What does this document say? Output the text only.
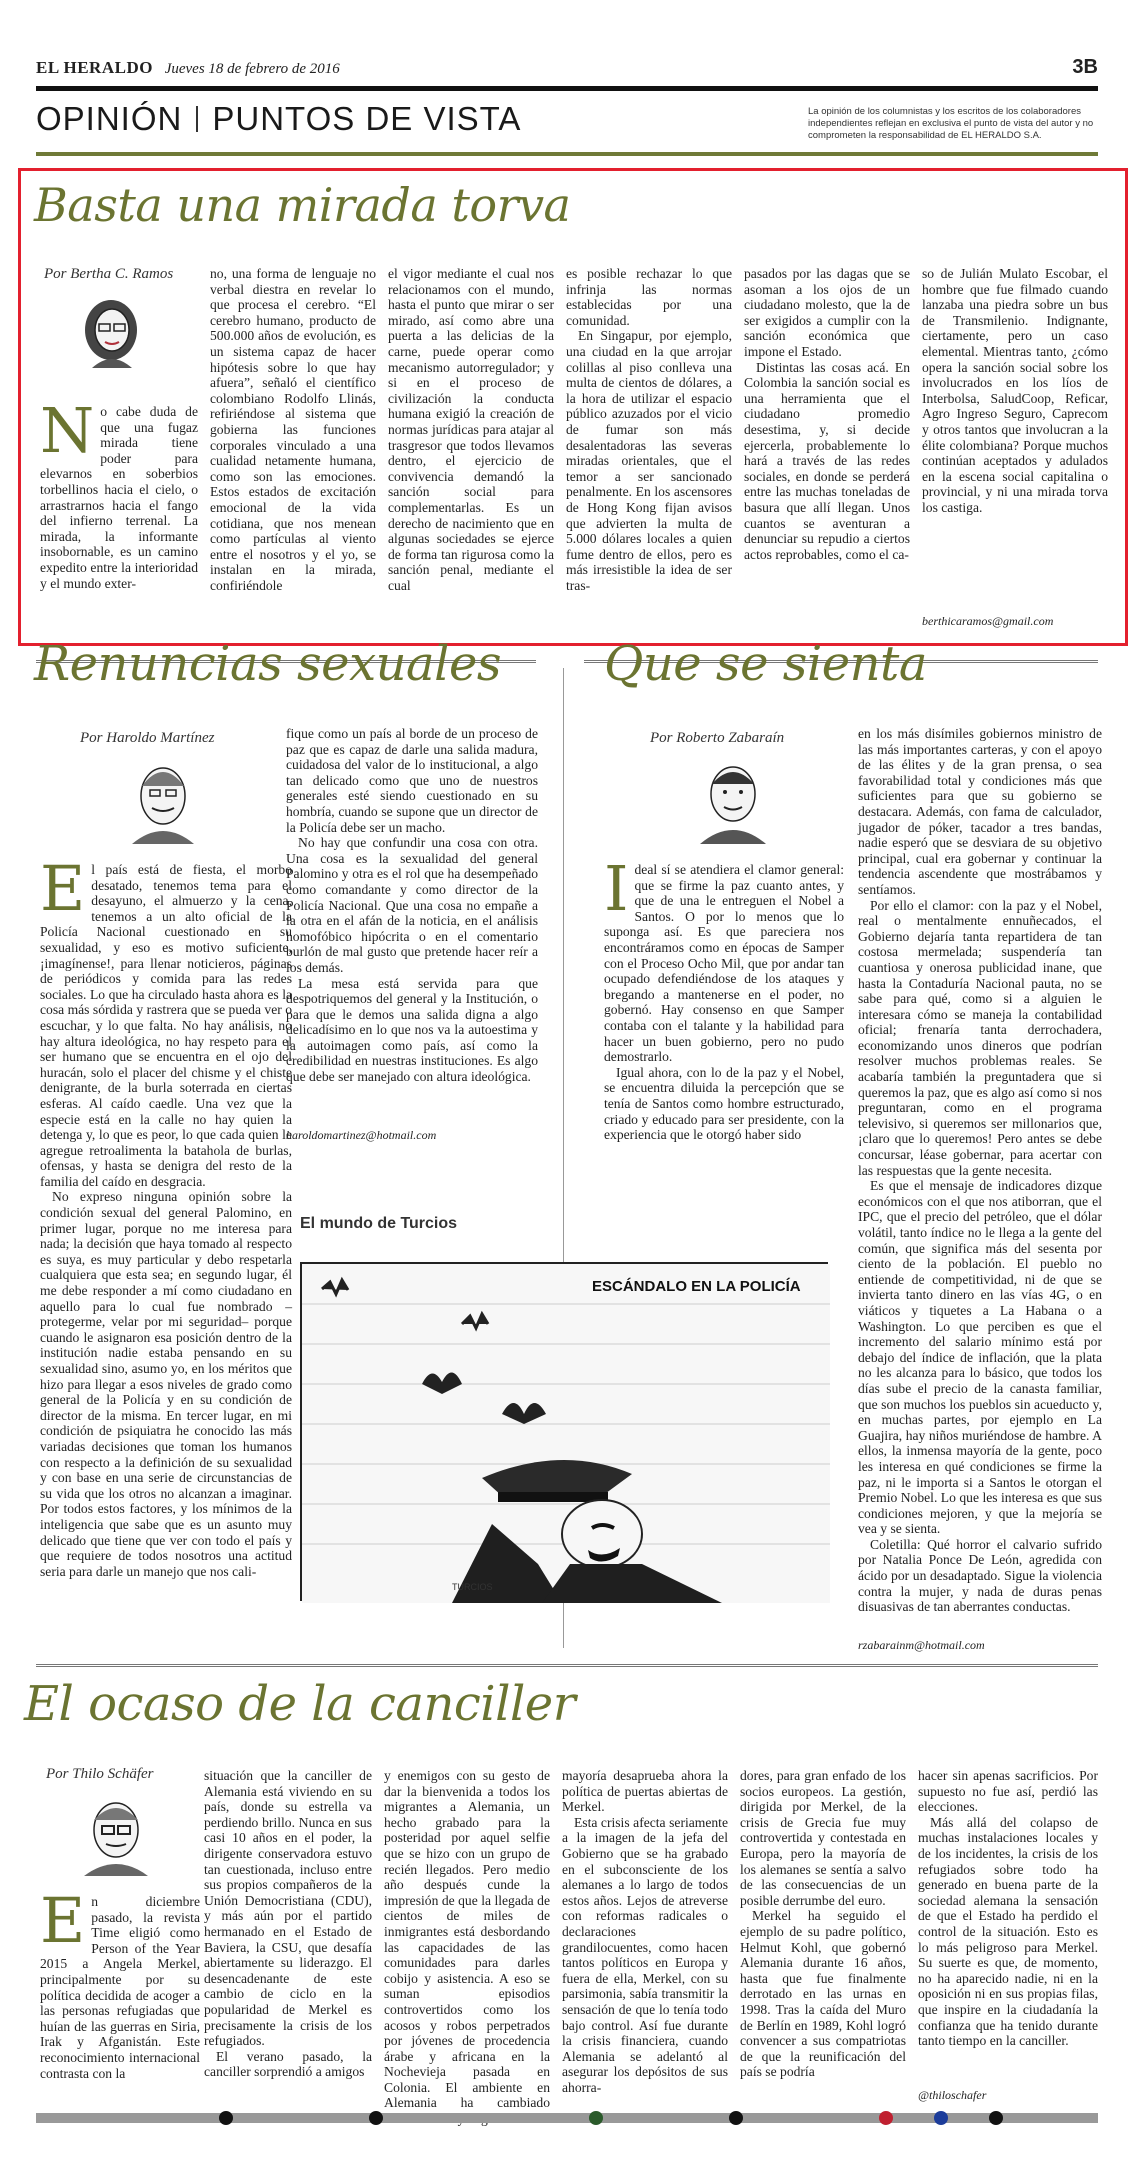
EL HERALDO Jueves 18 de febrero de 2016	3B
OPINIÓN PUNTOS DE VISTA	La opinión de los columnistas y los escritos de los colaboradores independientes reflejan en exclusiva el punto de vista del autor y no comprometen la responsabilidad de EL HERALDO S.A.
Basta una mirada torva
Por Bertha C. Ramos
No cabe duda de que una fugaz mirada tiene poder para elevarnos en soberbios torbellinos hacia el cielo, o arrastrarnos hacia el fango del infierno terrenal. La mirada, la informante insobornable, es un camino expedito entre la interioridad y el mundo exter-
no, una forma de lenguaje no verbal diestra en revelar lo que procesa el cerebro. “El cerebro humano, producto de 500.000 años de evolución, es un sistema capaz de hacer hipótesis sobre lo que hay afuera”, señaló el científico colombiano Rodolfo Llinás, refiriéndose al sistema que gobierna las funciones corporales vinculado a una cualidad netamente humana, como son las emociones. Estos estados de excitación emocional de la vida cotidiana, que nos menean como partículas al viento entre el nosotros y el yo, se instalan en la mirada, confiriéndole
el vigor mediante el cual nos relacionamos con el mundo, hasta el punto que mirar o ser mirado, así como abre una puerta a las delicias de la carne, puede operar como mecanismo autorregulador; y si en el proceso de civilización la conducta humana exigió la creación de normas jurídicas para atajar al trasgresor que todos llevamos dentro, el ejercicio de convivencia demandó la sanción social para complementarlas. Es un derecho de nacimiento que en algunas sociedades se ejerce de forma tan rigurosa como la sanción penal, mediante el cual

es posible rechazar lo que infrinja las normas establecidas por una comunidad.

En Singapur, por ejemplo, una ciudad en la que arrojar colillas al piso conlleva una multa de cientos de dólares, a la hora de utilizar el espacio público azuzados por el vicio de fumar son más desalentadoras las severas miradas orientales, que el temor a ser sancionado penalmente. En los ascensores de Hong Kong fijan avisos que advierten la multa de 5.000 dólares locales a quien fume dentro de ellos, pero es más irresistible la idea de ser tras-

pasados por las dagas que se asoman a los ojos de un ciudadano molesto, que la de ser exigidos a cumplir con la sanción económica que impone el Estado.

Distintas las cosas acá. En Colombia la sanción social es una herramienta que el ciudadano promedio desestima, y, si decide ejercerla, probablemente lo hará a través de las redes sociales, en donde se perderá entre las muchas toneladas de basura que allí llegan. Unos cuantos se aventuran a denunciar su repudio a ciertos actos reprobables, como el ca-

so de Julián Mulato Escobar, el hombre que fue filmado cuando lanzaba una piedra sobre un bus de Transmilenio. Indignante, ciertamente, pero un caso elemental. Mientras tanto, ¿cómo opera la sanción social sobre los involucrados en los líos de Interbolsa, SaludCoop, Reficar, Agro Ingreso Seguro, Caprecom y otros tantos que involucran a la élite colombiana? Porque muchos continúan aceptados y adulados en la escena social capitalina o provincial, y ni una mirada torva los castiga.
berthicaramos@gmail.com
Renuncias sexuales
Por Haroldo Martínez
El país está de fiesta, el morbo desatado, tenemos tema para el desayuno, el almuerzo y la cena, tenemos a un alto oficial de la Policía Nacional cuestionado en su sexualidad, y eso es motivo suficiente, ¡imagínense!, para llenar noticieros, páginas de periódicos y comida para las redes sociales. Lo que ha circulado hasta ahora es la cosa más sórdida y rastrera que se pueda ver o escuchar, y lo que falta. No hay análisis, no hay altura ideológica, no hay respeto para el ser humano que se encuentra en el ojo del huracán, solo el placer del chisme y el chiste denigrante, de la burla soterrada en ciertas esferas. Al caído caedle. Una vez que la especie está en la calle no hay quien la detenga y, lo que es peor, lo que cada quien le agregue retroalimenta la batahola de burlas, ofensas, y hasta se denigra del resto de la familia del caído en desgracia.

No expreso ninguna opinión sobre la condición sexual del general Palomino, en primer lugar, porque no me interesa para nada; la decisión que haya tomado al respecto es suya, es muy particular y debo respetarla cualquiera que esta sea; en segundo lugar, él me debe responder a mí como ciudadano en aquello para lo cual fue nombrado –protegerme, velar por mi seguridad– porque cuando le asignaron esa posición dentro de la institución nadie estaba pensando en su sexualidad sino, asumo yo, en los méritos que hizo para llegar a esos niveles de grado como general de la Policía y en su condición de director de la misma. En tercer lugar, en mi condición de psiquiatra he conocido las más variadas decisiones que toman los humanos con respecto a la definición de su sexualidad y con base en una serie de circunstancias de su vida que los otros no alcanzan a imaginar. Por todos estos factores, y los mínimos de la inteligencia que sabe que es un asunto muy delicado que tiene que ver con todo el país y que requiere de todos nosotros una actitud seria para darle un manejo que nos cali-

fique como un país al borde de un proceso de paz que es capaz de darle una salida madura, cuidadosa del valor de lo institucional, a algo tan delicado como que uno de nuestros generales esté siendo cuestionado en su hombría, cuando se supone que un director de la Policía debe ser un macho.

No hay que confundir una cosa con otra. Una cosa es la sexualidad del general Palomino y otra es el rol que ha desempeñado como comandante y como director de la Policía Nacional. Que una cosa no empañe a la otra en el afán de la noticia, en el análisis homofóbico hipócrita o en el comentario burlón de mal gusto que pretende hacer reír a los demás.

La mesa está servida para que despotriquemos del general y la Institución, o para que le demos una salida digna a algo delicadísimo en lo que nos va la autoestima y la autoimagen como país, así como la credibilidad en nuestras instituciones. Es algo que debe ser manejado con altura ideológica.

haroldomartinez@hotmail.com
Que se sienta
Por Roberto Zabaraín
Ideal sí se atendiera el clamor general: que se firme la paz cuanto antes, y que de una le entreguen el Nobel a Santos. O por lo menos que lo suponga así. Es que pareciera nos encontráramos como en épocas de Samper con el Proceso Ocho Mil, que por andar tan ocupado defendiéndose de los ataques y bregando a mantenerse en el poder, no gobernó. Hay consenso en que Samper contaba con el talante y la habilidad para hacer un buen gobierno, pero no pudo demostrarlo.

Igual ahora, con lo de la paz y el Nobel, se encuentra diluida la percepción que se tenía de Santos como hombre estructurado, criado y educado para ser presidente, con la experiencia que le otorgó haber sido

en los más disímiles gobiernos ministro de las más importantes carteras, y con el apoyo de las élites y de la gran prensa, o sea favorabilidad total y condiciones más que suficientes para que su gobierno se destacara. Además, con fama de calculador, jugador de póker, tacador a tres bandas, nadie esperó que se desviara de su objetivo principal, cual era gobernar y continuar la tendencia ascendente que mostrábamos y sentíamos.

Por ello el clamor: con la paz y el Nobel, real o mentalmente ennuñecados, el Gobierno dejaría tanta repartidera de tan costosa mermelada; suspendería tan cuantiosa y onerosa publicidad inane, que hasta la Contaduría Nacional pauta, no se sabe para qué, como si a alguien le interesara cómo se maneja la contabilidad oficial; frenaría tanta derrochadera, economizando unos dineros que podrían resolver muchos problemas reales. Se acabaría también la preguntadera que si queremos la paz, que es algo así como si nos preguntaran, como en el programa televisivo, si queremos ser millonarios que, ¡claro que lo queremos! Pero antes se debe concursar, léase gobernar, para acertar con las respuestas que la gente necesita.

Es que el mensaje de indicadores dizque económicos con el que nos atiborran, que el IPC, que el precio del petróleo, que el dólar volátil, tanto índice no le llega a la gente del común, que significa más del sesenta por ciento de la población. El pueblo no entiende de competitividad, ni de que se invierta tanto dinero en las vías 4G, o en viáticos y tiquetes a La Habana o a Washington. Lo que perciben es que el incremento del salario mínimo está por debajo del índice de inflación, que la plata no les alcanza para lo básico, que todos los días sube el precio de la canasta familiar, que son muchos los pueblos sin acueducto y, en muchas partes, por ejemplo en La Guajira, hay niños muriéndose de hambre. A ellos, la inmensa mayoría de la gente, poco les interesa en qué condiciones se firme la paz, ni le importa si a Santos le otorgan el Premio Nobel. Lo que les interesa es que sus condiciones mejoren, y que la mejoría se vea y se sienta.

Coletilla: Qué horror el calvario sufrido por Natalia Ponce De León, agredida con ácido por un desadaptado. Sigue la violencia contra la mujer, y nada de duras penas disuasivas de tan aberrantes conductas.

rzabarainm@hotmail.com
El mundo de Turcios
ESCÁNDALO EN LA POLICÍA
TURCIOS
El ocaso de la canciller
Por Thilo Schäfer
En diciembre pasado, la revista Time eligió como Person of the Year 2015 a Angela Merkel, principalmente por su política decidida de acoger a las personas refugiadas que huían de las guerras en Siria, Irak y Afganistán. Este reconocimiento internacional contrasta con la

situación que la canciller de Alemania está viviendo en su país, donde su estrella va perdiendo brillo. Nunca en sus casi 10 años en el poder, la dirigente conservadora estuvo tan cuestionada, incluso entre sus propios compañeros de la Unión Democristiana (CDU), y más aún por el partido hermanado en el Estado de Baviera, la CSU, que desafía abiertamente su liderazgo. El desencadenante de este cambio de ciclo en la popularidad de Merkel es precisamente la crisis de los refugiados.

El verano pasado, la canciller sorprendió a amigos

y enemigos con su gesto de dar la bienvenida a todos los migrantes a Alemania, un hecho grabado para la posteridad por aquel selfie que se hizo con un grupo de recién llegados. Pero medio año después cunde la impresión de que la llegada de cientos de miles de inmigrantes está desbordando las capacidades de las comunidades para darles cobijo y asistencia. A eso se suman episodios controvertidos como los acosos y robos perpetrados por jóvenes de procedencia árabe y africana en la Nochevieja pasada en Colonia. El ambiente en Alemania ha cambiado

mayoría desaprueba ahora la política de puertas abiertas de Merkel.

Esta crisis afecta seriamente a la imagen de la jefa del Gobierno que se ha grabado en el subconsciente de los alemanes a lo largo de todos estos años. Lejos de atreverse con reformas radicales o declaraciones grandilocuentes, como hacen tantos políticos en Europa y fuera de ella, Merkel, con su parsimonia, sabía transmitir la sensación de que lo tenía todo bajo control. Así fue durante la crisis financiera, cuando Alemania se adelantó al asegurar los depósitos de sus ahorra-

dores, para gran enfado de los socios europeos. La gestión, dirigida por Merkel, de la crisis de Grecia fue muy controvertida y contestada en Europa, pero la mayoría de los alemanes se sentía a salvo de las consecuencias de un posible derrumbe del euro.

Merkel ha seguido el ejemplo de su padre político, Helmut Kohl, que gobernó Alemania durante 16 años, hasta que fue finalmente derrotado en las urnas en 1998. Tras la caída del Muro de Berlín en 1989, Kohl logró convencer a sus compatriotas de que la reunificación del país se podría

hacer sin apenas sacrificios. Por supuesto no fue así, perdió las elecciones.

Más allá del colapso de muchas instalaciones locales y de los incidentes, la crisis de los refugiados sobre todo ha generado en buena parte de la sociedad alemana la sensación de que el Estado ha perdido el control de la situación. Esto es lo más peligroso para Merkel. Su suerte es que, de momento, no ha aparecido nadie, ni en la oposición ni en sus propias filas, que inspire en la ciudadanía la confianza que ha tenido durante tanto tiempo en la canciller.

@thiloschafer
